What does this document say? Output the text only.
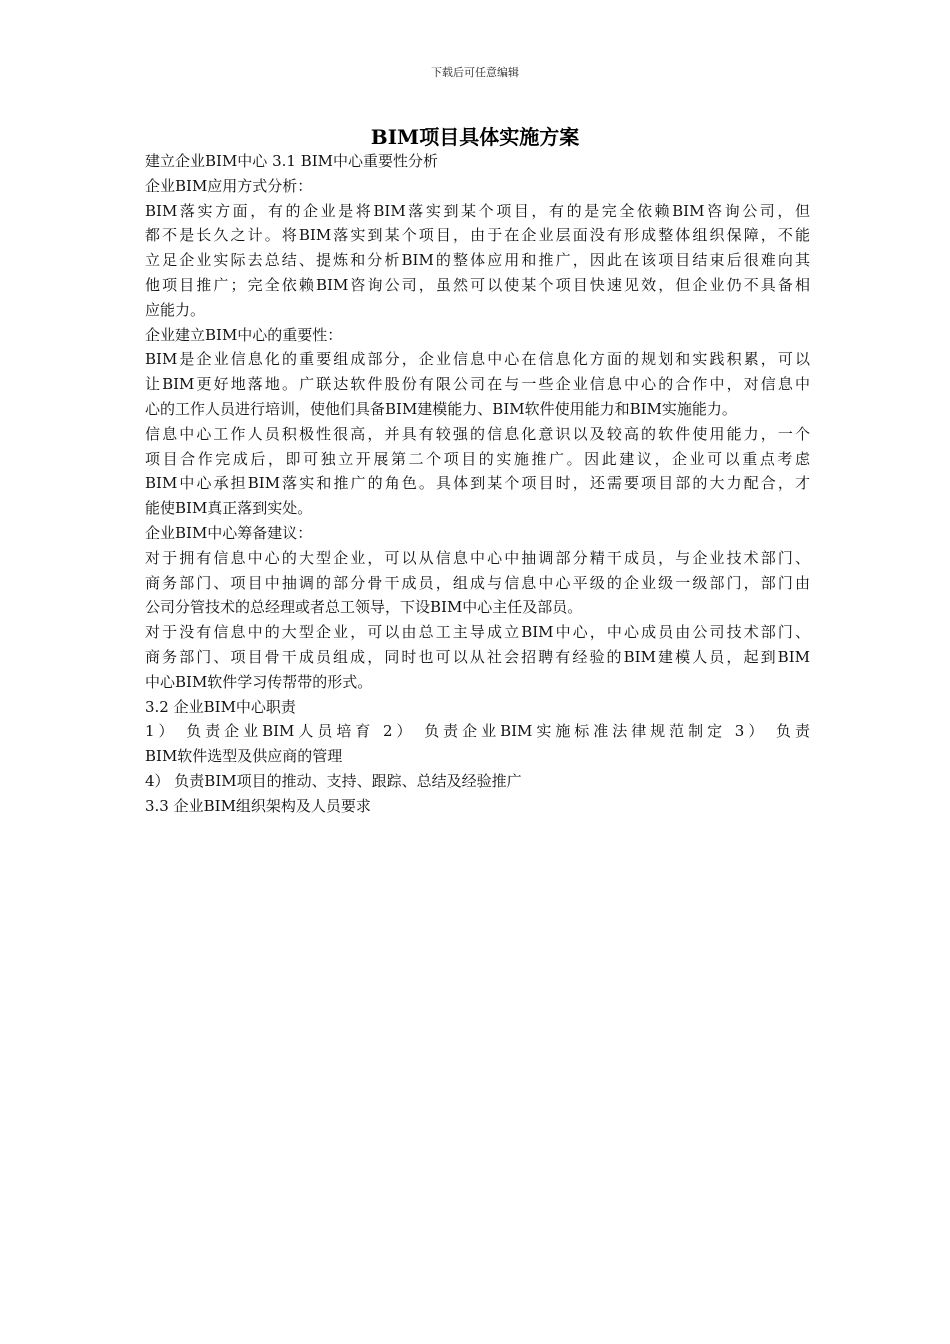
下载后可任意编辑
BIM项目具体实施方案
建立企业BIM中心 3.1 BIM中心重要性分析
企业BIM应用方式分析：
BIM落实方面，有的企业是将BIM落实到某个项目，有的是完全依赖BIM咨询公司，但
都不是长久之计。将BIM落实到某个项目，由于在企业层面没有形成整体组织保障，不能
立足企业实际去总结、提炼和分析BIM的整体应用和推广，因此在该项目结束后很难向其
他项目推广；完全依赖BIM咨询公司，虽然可以使某个项目快速见效，但企业仍不具备相
应能力。
企业建立BIM中心的重要性：
BIM是企业信息化的重要组成部分，企业信息中心在信息化方面的规划和实践积累，可以
让BIM更好地落地。广联达软件股份有限公司在与一些企业信息中心的合作中，对信息中
心的工作人员进行培训，使他们具备BIM建模能力、BIM软件使用能力和BIM实施能力。
信息中心工作人员积极性很高，并具有较强的信息化意识以及较高的软件使用能力，一个
项目合作完成后，即可独立开展第二个项目的实施推广。因此建议，企业可以重点考虑
BIM中心承担BIM落实和推广的角色。具体到某个项目时，还需要项目部的大力配合，才
能使BIM真正落到实处。
企业BIM中心筹备建议：
对于拥有信息中心的大型企业，可以从信息中心中抽调部分精干成员，与企业技术部门、
商务部门、项目中抽调的部分骨干成员，组成与信息中心平级的企业级一级部门，部门由
公司分管技术的总经理或者总工领导，下设BIM中心主任及部员。
对于没有信息中的大型企业，可以由总工主导成立BIM中心，中心成员由公司技术部门、
商务部门、项目骨干成员组成，同时也可以从社会招聘有经验的BIM建模人员，起到BIM
中心BIM软件学习传帮带的形式。
3.2 企业BIM中心职责
1） 负责企业BIM人员培育 2） 负责企业BIM实施标准法律规范制定 3） 负责
BIM软件选型及供应商的管理
4） 负责BIM项目的推动、支持、跟踪、总结及经验推广
3.3 企业BIM组织架构及人员要求
